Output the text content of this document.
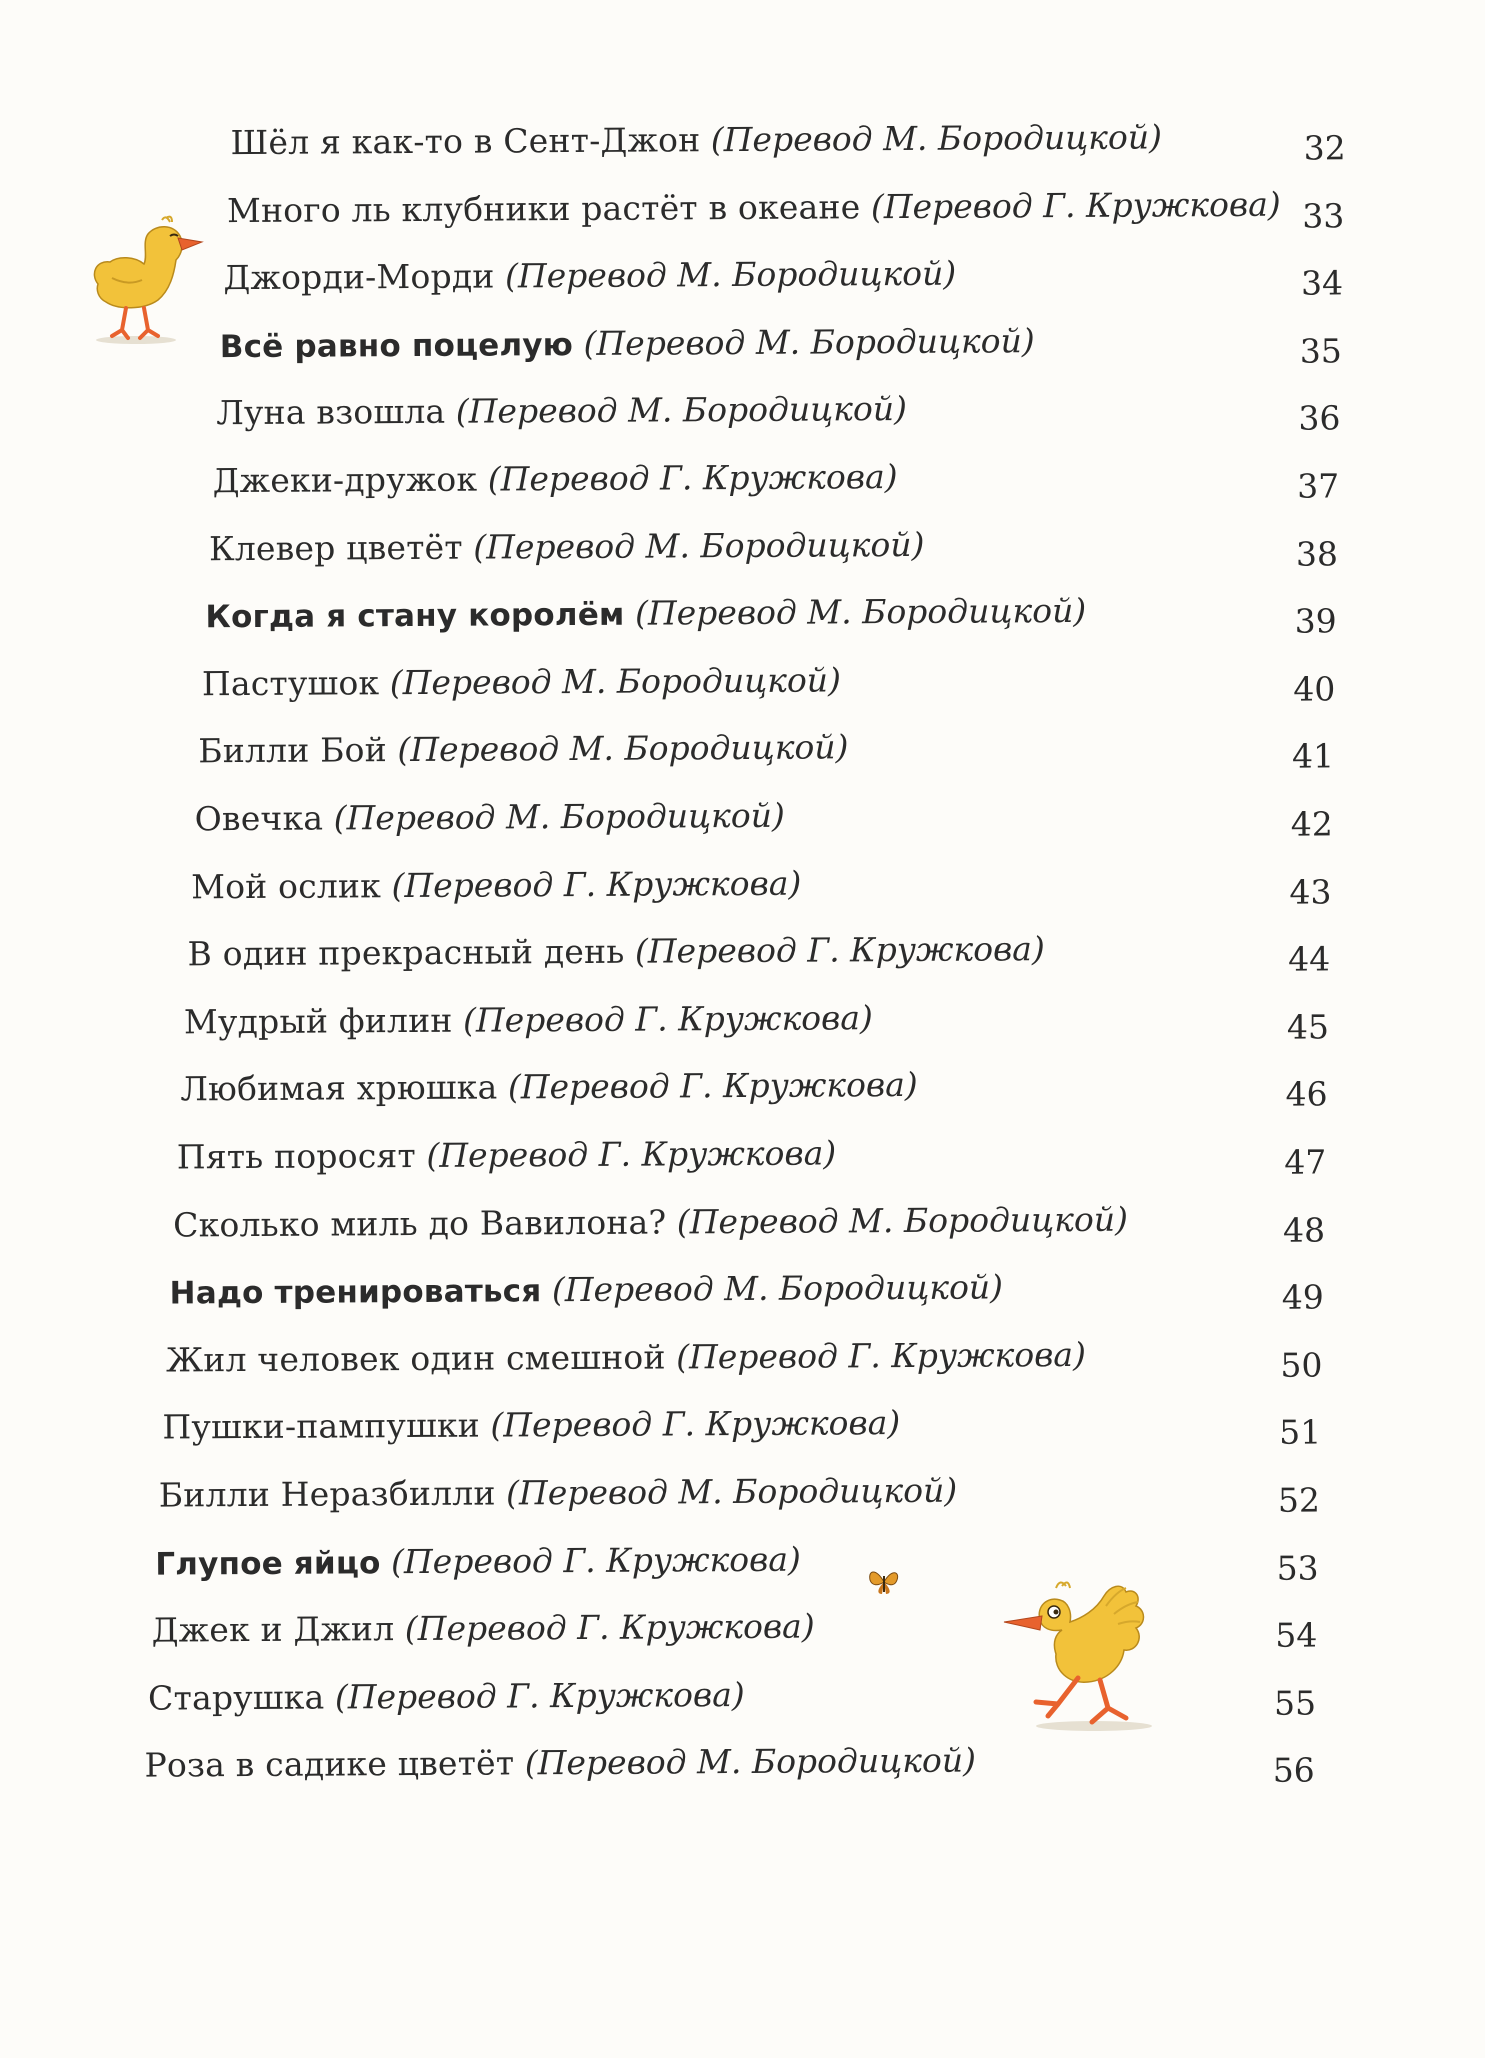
Шёл я как-то в Сент-Джон (Перевод М. Бородицкой)	32
Много ль клубники растёт в океане (Перевод Г. Кружкова) 33
Джорди-Морди (Перевод М. Бородицкой)	34
Всё равно поцелую (Перевод М. Бородицкой)	35
Луна взошла (Перевод М. Бородицкой)	36
Джеки-дружок (Перевод Г. Кружкова)	37
Клевер цветёт (Перевод М. Бородицкой)	38
Когда я стану королём (Перевод М. Бородицкой)	39
Пастушок (Перевод М. Бородицкой)	40
Билли Бой (Перевод М. Бородицкой)	41
Овечка (Перевод М. Бородицкой)	42
Мой ослик (Перевод Г. Кружкова)	43
В один прекрасный день (Перевод Г. Кружкова)	44
Мудрый филин (Перевод Г. Кружкова)	45
Любимая хрюшка (Перевод Г. Кружкова)	46
Пять поросят (Перевод Г. Кружкова)	47
Сколько миль до Вавилона? (Перевод М. Бородицкой)	48
Надо тренироваться (Перевод М. Бородицкой)	49
Жил человек один смешной (Перевод Г. Кружкова)	50
Пушки-пампушки (Перевод Г. Кружкова)	51
Билли Неразбилли (Перевод М. Бородицкой)	52
Глупое яйцо (Перевод Г. Кружкова)	53
Джек и Джил (Перевод Г. Кружкова)	54
Старушка (Перевод Г. Кружкова)	55
Роза в садике цветёт (Перевод М. Бородицкой)	56
